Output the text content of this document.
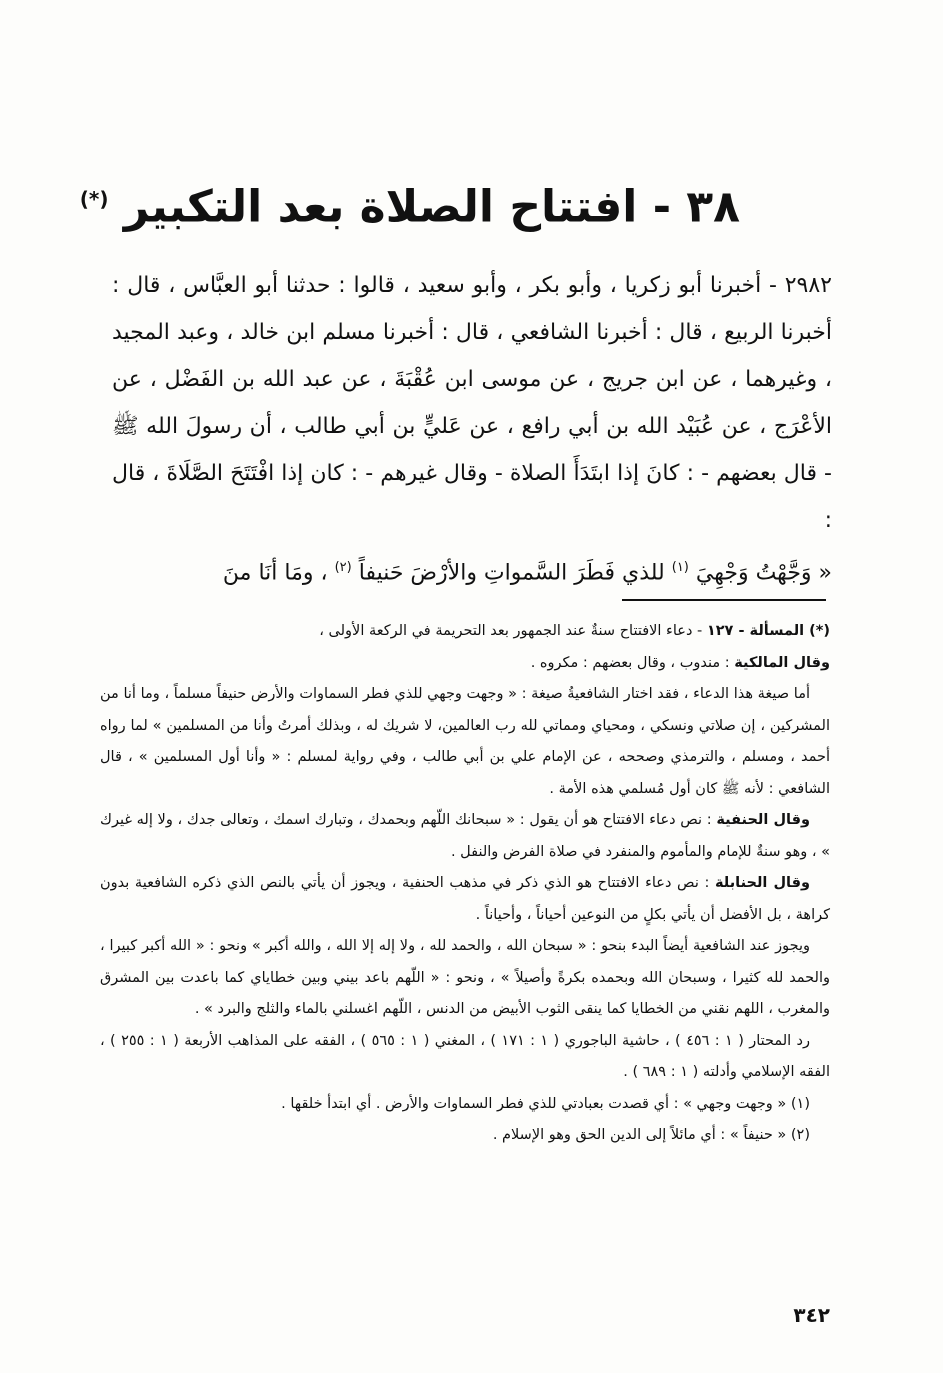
٣٨ - افتتاح الصلاة بعد التكبير (*)

٢٩٨٢ - أخبرنا أبو زكريا ، وأبو بكر ، وأبو سعيد ، قالوا : حدثنا أبو العبَّاس ، قال : أخبرنا الربيع ، قال : أخبرنا الشافعي ، قال : أخبرنا مسلم ابن خالد ، وعبد المجيد ، وغيرهما ، عن ابن جريج ، عن موسى ابن عُقْبَةَ ، عن عبد الله بن الفَضْل ، عن الأعْرَج ، عن عُبَيْد الله بن أبي رافع ، عن عَليٍّ بن أبي طالب ، أن رسولَ الله ﷺ - قال بعضهم - : كانَ إذا ابتَدَأَ الصلاة - وقال غيرهم - : كان إذا افْتَتَحَ الصَّلَاةَ ، قال :

« وَجَّهْتُ وَجْهِيَ $^{(١)}$ للذي فَطَرَ السَّمواتِ والأرْضَ حَنيفاً $^{(٢)}$ ، ومَا أنَا منَ

(*) المسألة - ١٢٧ - دعاء الافتتاح سنةٌ عند الجمهور بعد التحريمة في الركعة الأولى ،

وقال المالكية : مندوب ، وقال بعضهم : مكروه .

أما صيغة هذا الدعاء ، فقد اختار الشافعيةُ صيغة : « وجهت وجهي للذي فطر السماوات والأرض حنيفاً مسلماً ، وما أنا من المشركين ، إن صلاتي ونسكي ، ومحياي ومماتي لله رب العالمين، لا شريك له ، وبذلك أمرتُ وأنا من المسلمين » لما رواه أحمد ، ومسلم ، والترمذي وصححه ، عن الإمام علي بن أبي طالب ، وفي رواية لمسلم : « وأنا أول المسلمين » ، قال الشافعي : لأنه ﷺ كان أول مُسلمي هذه الأمة .

وقال الحنفية : نص دعاء الافتتاح هو أن يقول : « سبحانك اللّهم وبحمدك ، وتبارك اسمك ، وتعالى جدك ، ولا إله غيرك » ، وهو سنةٌ للإمام والمأموم والمنفرد في صلاة الفرض والنفل .

وقال الحنابلة : نص دعاء الافتتاح هو الذي ذكر في مذهب الحنفية ، ويجوز أن يأتي بالنص الذي ذكره الشافعية بدون كراهة ، بل الأفضل أن يأتي بكلٍ من النوعين أحياناً ، وأحياناً .

ويجوز عند الشافعية أيضاً البدء بنحو : « سبحان الله ، والحمد لله ، ولا إله إلا الله ، والله أكبر » ونحو : « الله أكبر كبيرا ، والحمد لله كثيرا ، وسبحان الله وبحمده بكرةً وأصيلاً » ، ونحو : « اللّهم باعد بيني وبين خطاياي كما باعدت بين المشرق والمغرب ، اللهم نقني من الخطايا كما ينقى الثوب الأبيض من الدنس ، اللّهم اغسلني بالماء والثلج والبرد » .

رد المحتار ( ١ : ٤٥٦ ) ، حاشية الباجوري ( ١ : ١٧١ ) ، المغني ( ١ : ٥٦٥ ) ، الفقه على المذاهب الأربعة ( ١ : ٢٥٥ ) ، الفقه الإسلامي وأدلته ( ١ : ٦٨٩ ) .

(١) « وجهت وجهي » : أي قصدت بعبادتي للذي فطر السماوات والأرض . أي ابتدأ خلقها .

(٢) « حنيفاً » : أي مائلاً إلى الدين الحق وهو الإسلام .

٣٤٢
